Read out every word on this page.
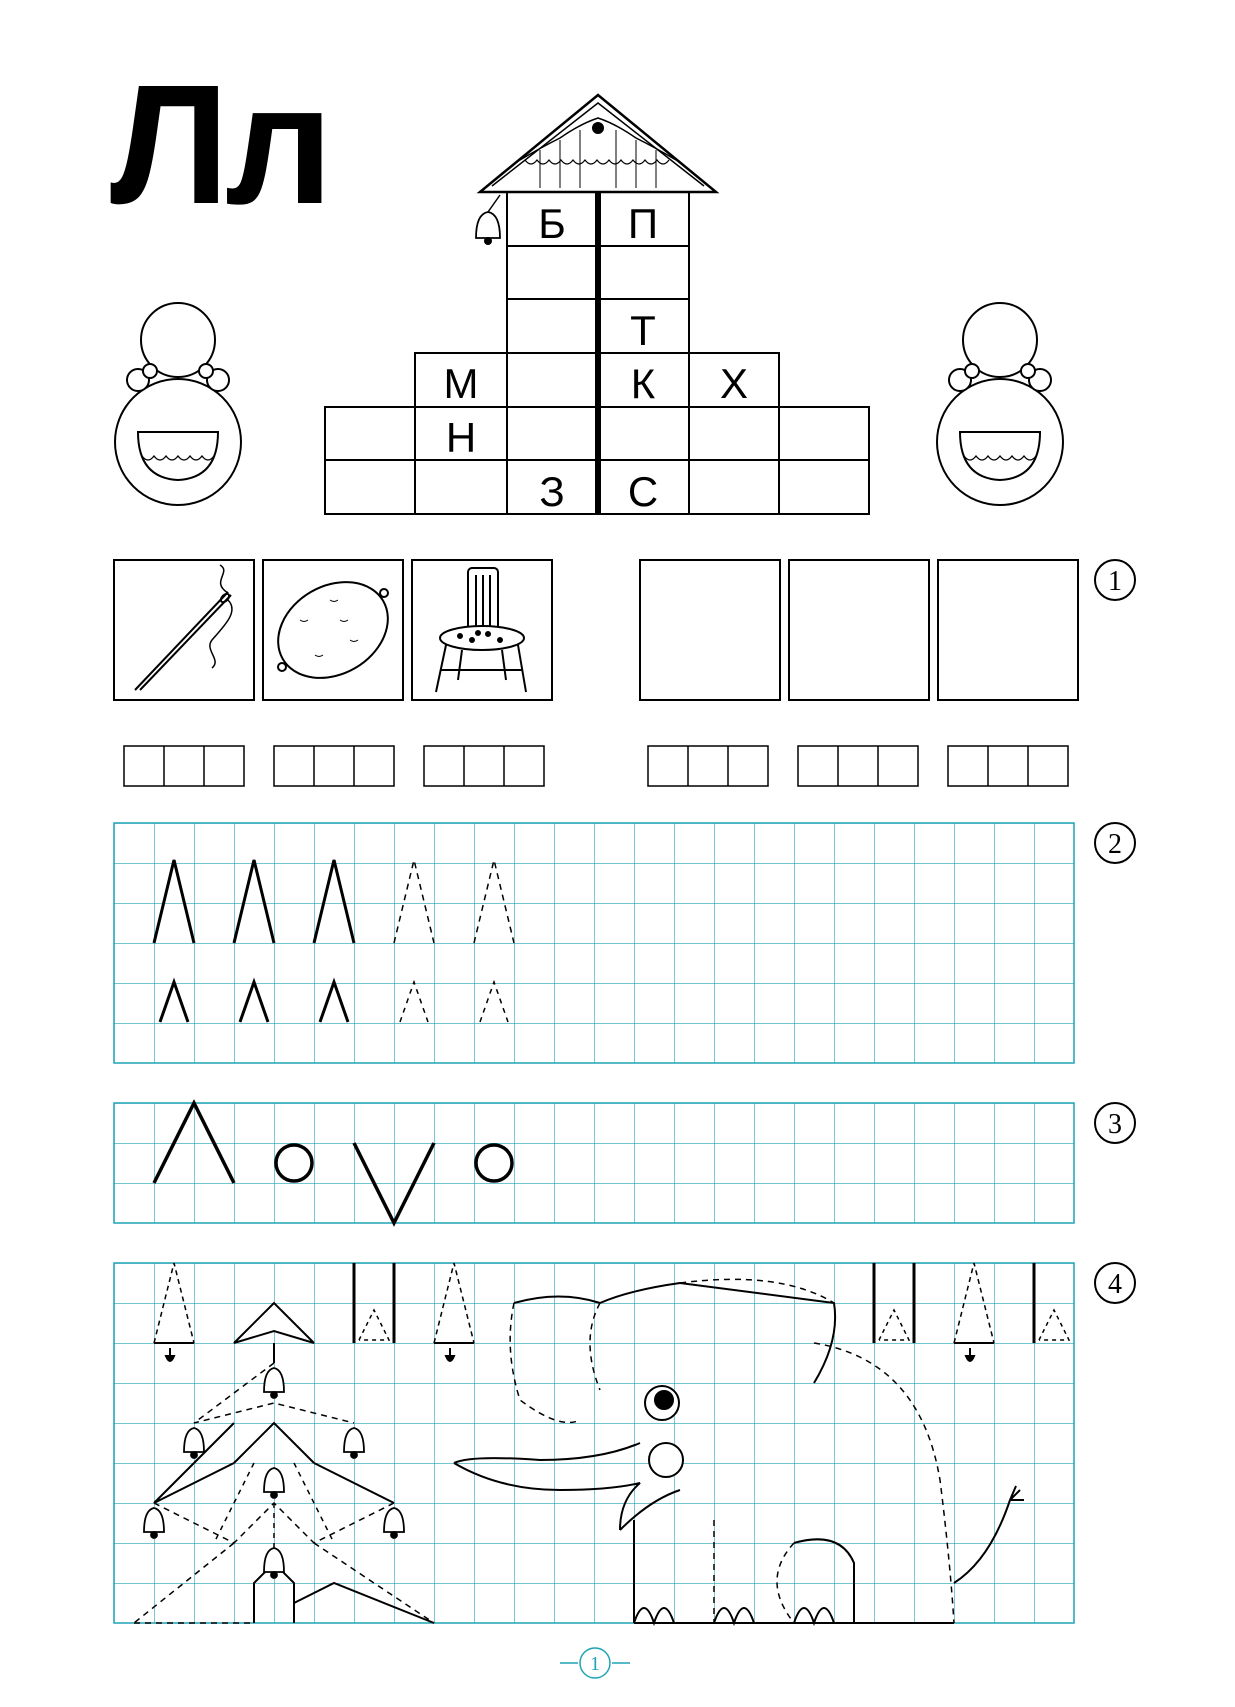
Лл	Б П
Т
М	К Х
Н
З С
1
2
3
4
1
